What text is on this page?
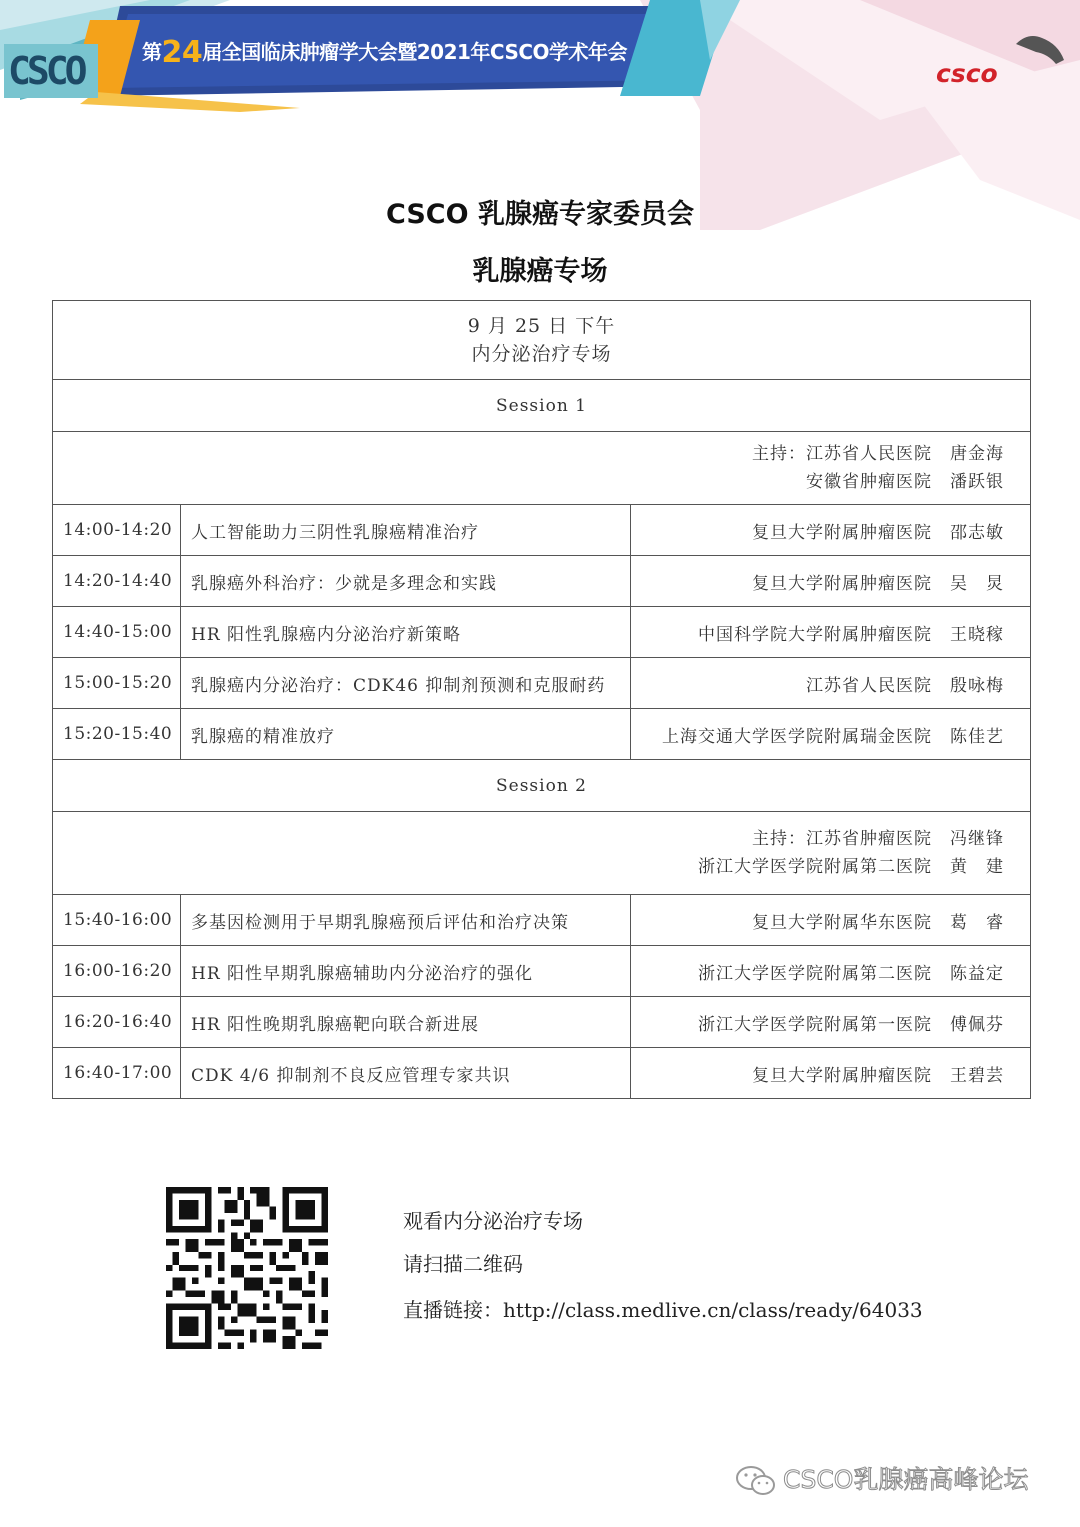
CSCO	第24届全国临床肿瘤学大会暨2021年CSCO学术年会
csco
CSCO 乳腺癌专家委员会
乳腺癌专场
9 月 25 日 下午
内分泌治疗专场		

Session 1		

主持：江苏省人民医院 唐金海
安徽省肿瘤医院 潘跃银		

14:00-14:20	人工智能助力三阴性乳腺癌精准治疗	复旦大学附属肿瘤医院 邵志敏
14:20-14:40	乳腺癌外科治疗：少就是多理念和实践	复旦大学附属肿瘤医院 吴 炅
14:40-15:00	HR 阳性乳腺癌内分泌治疗新策略	中国科学院大学附属肿瘤医院 王晓稼
15:00-15:20	乳腺癌内分泌治疗：CDK46 抑制剂预测和克服耐药	江苏省人民医院 殷咏梅
15:20-15:40	乳腺癌的精准放疗	上海交通大学医学院附属瑞金医院 陈佳艺
Session 2		

主持：江苏省肿瘤医院 冯继锋
浙江大学医学院附属第二医院 黄 建		

15:40-16:00	多基因检测用于早期乳腺癌预后评估和治疗决策	复旦大学附属华东医院 葛 睿
16:00-16:20	HR 阳性早期乳腺癌辅助内分泌治疗的强化	浙江大学医学院附属第二医院 陈益定
16:20-16:40	HR 阳性晚期乳腺癌靶向联合新进展	浙江大学医学院附属第一医院 傅佩芬
16:40-17:00	CDK 4/6 抑制剂不良反应管理专家共识	复旦大学附属肿瘤医院 王碧芸
观看内分泌治疗专场
请扫描二维码
直播链接：http://class.medlive.cn/class/ready/64033
CSCO乳腺癌高峰论坛
